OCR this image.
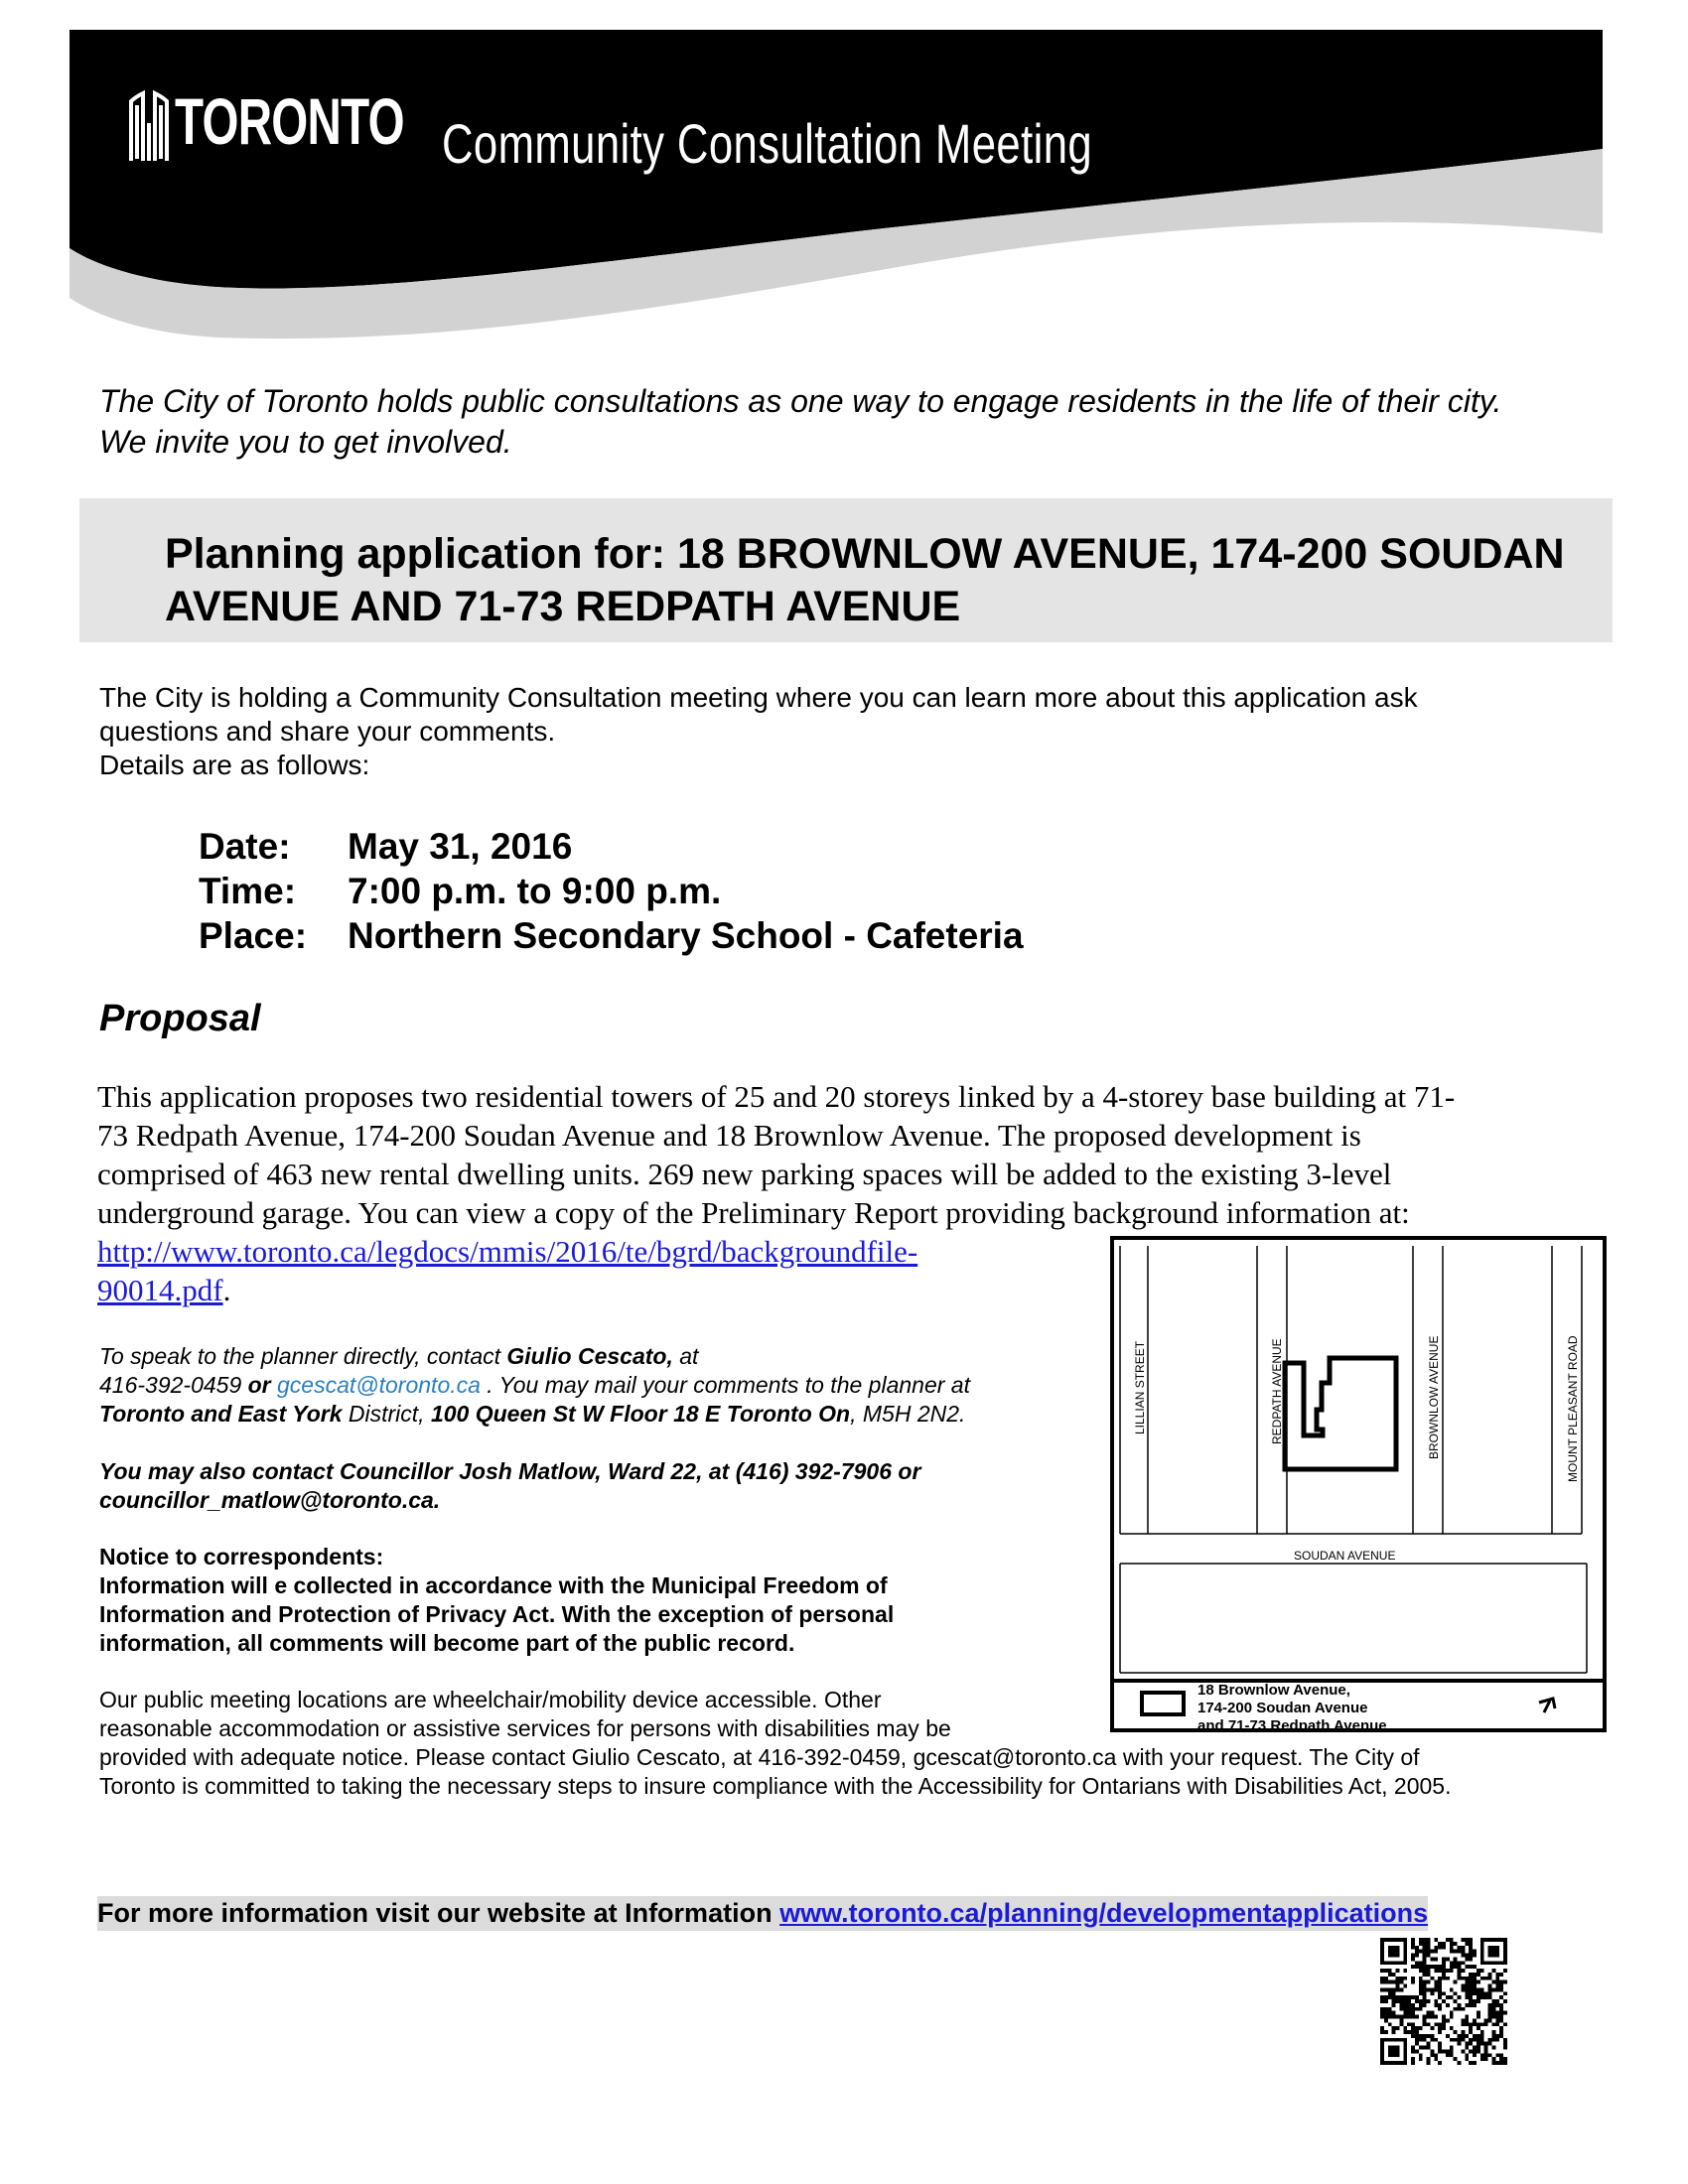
TORONTO Community Consultation Meeting
The City of Toronto holds public consultations as one way to engage residents in the life of their city.
We invite you to get involved.
Planning application for: 18 BROWNLOW AVENUE, 174-200 SOUDAN
AVENUE AND 71-73 REDPATH AVENUE
The City is holding a Community Consultation meeting where you can learn more about this application ask
questions and share your comments.
Details are as follows:
Date: May 31, 2016
Time: 7:00 p.m. to 9:00 p.m.
Place: Northern Secondary School - Cafeteria
Proposal
This application proposes two residential towers of 25 and 20 storeys linked by a 4-storey base building at 71-
73 Redpath Avenue, 174-200 Soudan Avenue and 18 Brownlow Avenue. The proposed development is
comprised of 463 new rental dwelling units. 269 new parking spaces will be added to the existing 3-level
underground garage. You can view a copy of the Preliminary Report providing background information at:
http://www.toronto.ca/legdocs/mmis/2016/te/bgrd/backgroundfile-
90014.pdf.
To speak to the planner directly, contact Giulio Cescato, at
416-392-0459 or gcescat@toronto.ca . You may mail your comments to the planner at
Toronto and East York District, 100 Queen St W Floor 18 E Toronto On, M5H 2N2.
You may also contact Councillor Josh Matlow, Ward 22, at (416) 392-7906 or
councillor_matlow@toronto.ca.
Notice to correspondents:
Information will e collected in accordance with the Municipal Freedom of
Information and Protection of Privacy Act. With the exception of personal
information, all comments will become part of the public record.
Our public meeting locations are wheelchair/mobility device accessible. Other
reasonable accommodation or assistive services for persons with disabilities may be
provided with adequate notice. Please contact Giulio Cescato, at 416-392-0459, gcescat@toronto.ca with your request. The City of
Toronto is committed to taking the necessary steps to insure compliance with the Accessibility for Ontarians with Disabilities Act, 2005.
LILLIAN STREET	REDPATH AVENUE	BROWNLOW AVENUE	MOUNT PLEASANT ROAD
SOUDAN AVENUE
18 Brownlow Avenue,
174-200 Soudan Avenue
and 71-73 Redpath Avenue
For more information visit our website at Information www.toronto.ca/planning/developmentapplications
